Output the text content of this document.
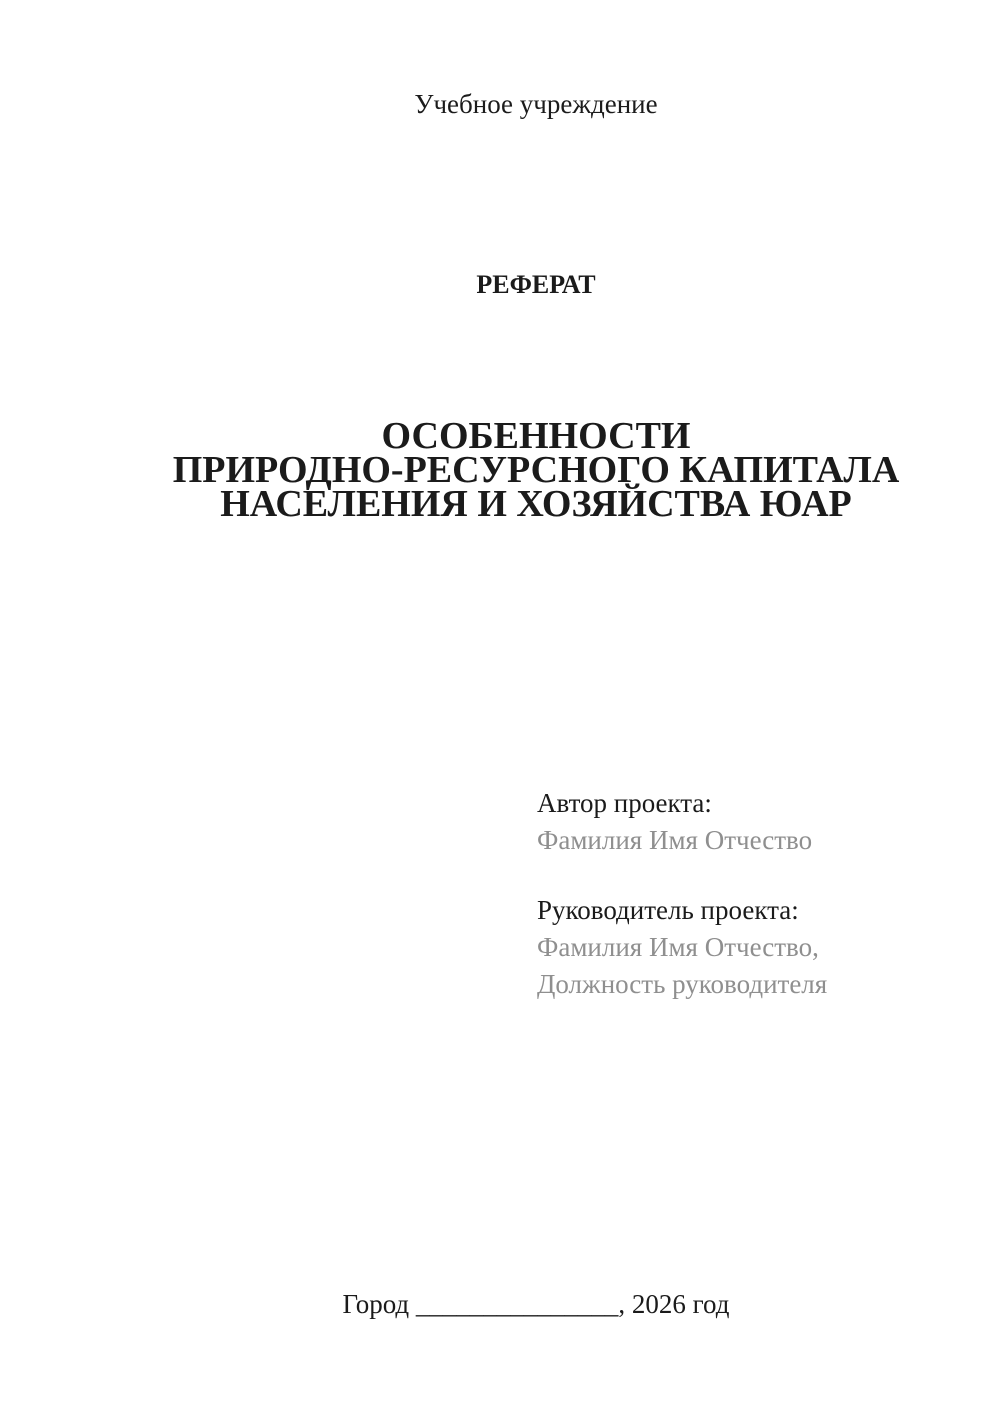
Учебное учреждение
РЕФЕРАТ
ОСОБЕННОСТИ
ПРИРОДНО-РЕСУРСНОГО КАПИТАЛА
НАСЕЛЕНИЯ И ХОЗЯЙСТВА ЮАР
Автор проекта:
Фамилия Имя Отчество
Руководитель проекта:
Фамилия Имя Отчество,
Должность руководителя
Город _______________, 2026 год
